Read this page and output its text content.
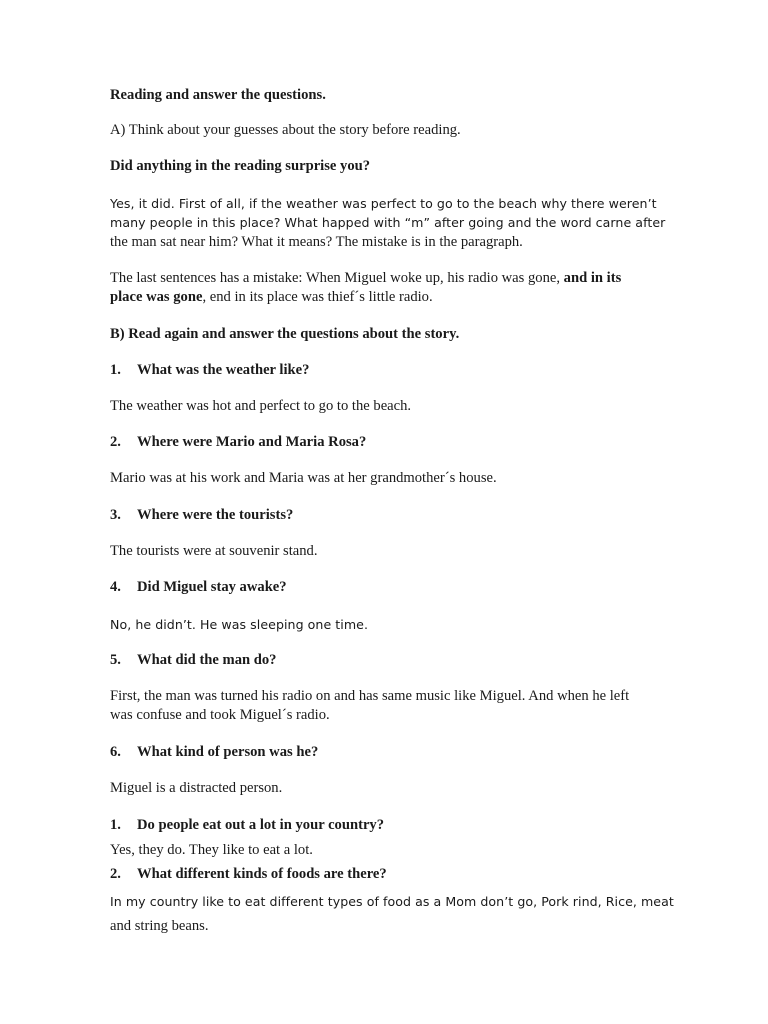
Reading and answer the questions.
A) Think about your guesses about the story before reading.
Did anything in the reading surprise you?
Yes, it did. First of all, if the weather was perfect to go to the beach why there weren’t
many people in this place? What happed with “m” after going and the word carne after
the man sat near him? What it means? The mistake is in the paragraph.
The last sentences has a mistake: When Miguel woke up, his radio was gone, and in its
place was gone, end in its place was thief´s little radio.
B) Read again and answer the questions about the story.
1. What was the weather like?
The weather was hot and perfect to go to the beach.
2. Where were Mario and Maria Rosa?
Mario was at his work and Maria was at her grandmother´s house.
3. Where were the tourists?
The tourists were at souvenir stand.
4. Did Miguel stay awake?
No, he didn’t. He was sleeping one time.
5. What did the man do?
First, the man was turned his radio on and has same music like Miguel. And when he left
was confuse and took Miguel´s radio.
6. What kind of person was he?
Miguel is a distracted person.
1. Do people eat out a lot in your country?
Yes, they do. They like to eat a lot.
2. What different kinds of foods are there?
In my country like to eat different types of food as a Mom don’t go, Pork rind, Rice, meat
and string beans.
